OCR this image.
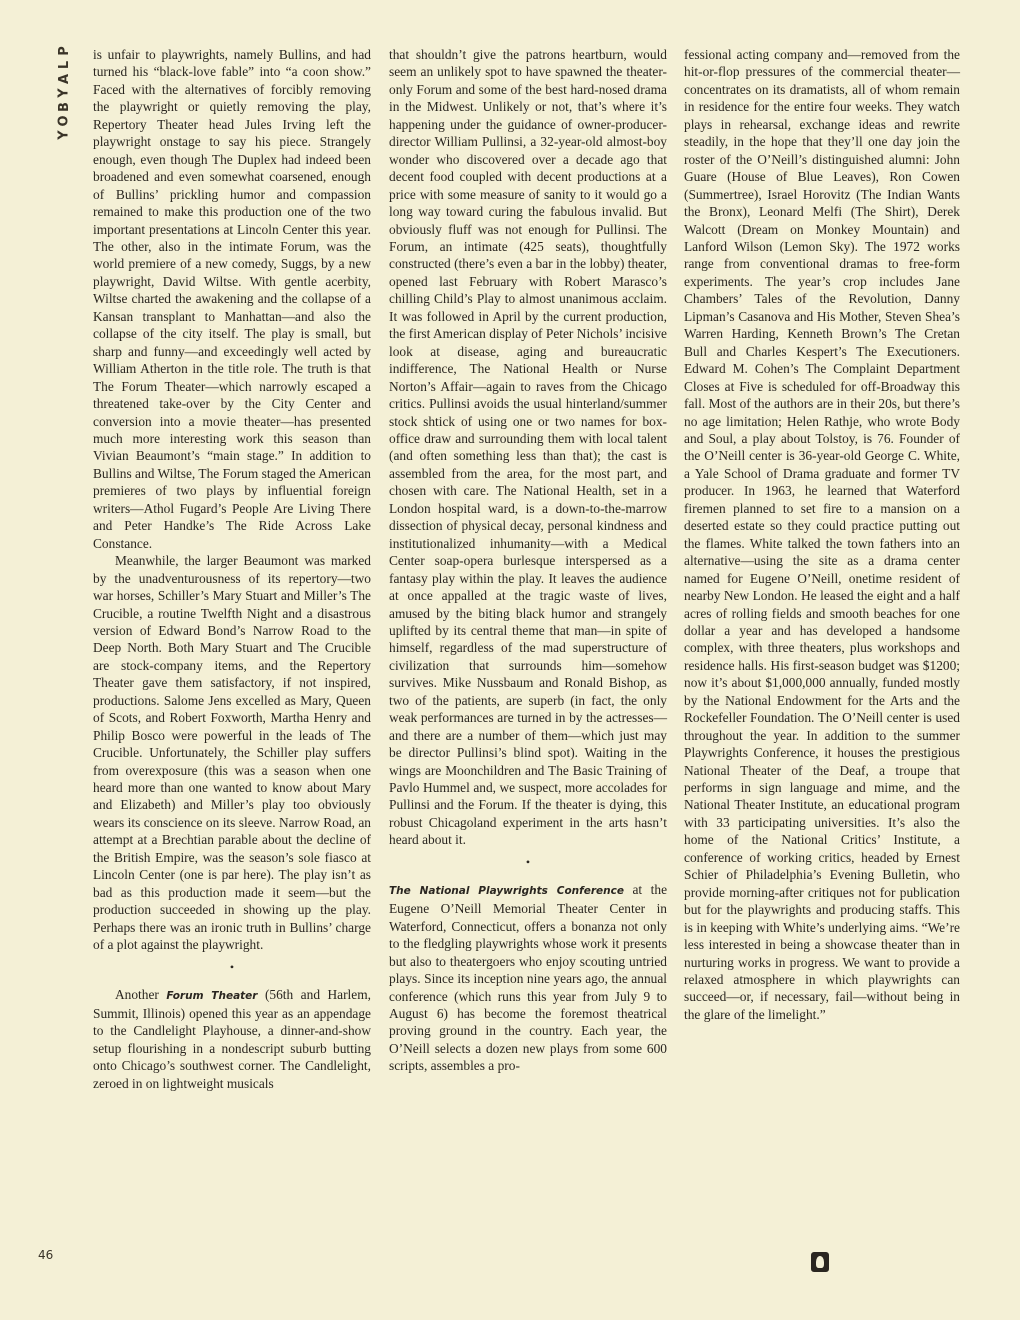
P
L
A
Y
B
O
Y

is unfair to playwrights, namely Bullins, and had turned his “black-love fable” into “a coon show.” Faced with the alternatives of forcibly removing the playwright or quietly removing the play, Repertory Theater head Jules Irving left the playwright onstage to say his piece. Strangely enough, even though The Duplex had indeed been broadened and even somewhat coarsened, enough of Bullins’ prickling humor and compassion remained to make this production one of the two important presentations at Lincoln Center this year. The other, also in the intimate Forum, was the world premiere of a new comedy, Suggs, by a new playwright, David Wiltse. With gentle acerbity, Wiltse charted the awakening and the collapse of a Kansan transplant to Manhattan—and also the collapse of the city itself. The play is small, but sharp and funny—and exceedingly well acted by William Atherton in the title role. The truth is that The Forum Theater—which narrowly escaped a threatened take-over by the City Center and conversion into a movie theater—has presented much more interesting work this season than Vivian Beaumont’s “main stage.” In addition to Bullins and Wiltse, The Forum staged the American premieres of two plays by influential foreign writers—Athol Fugard’s People Are Living There and Peter Handke’s The Ride Across Lake Constance.

Meanwhile, the larger Beaumont was marked by the unadventurousness of its repertory—two war horses, Schiller’s Mary Stuart and Miller’s The Crucible, a routine Twelfth Night and a disastrous version of Edward Bond’s Narrow Road to the Deep North. Both Mary Stuart and The Crucible are stock-company items, and the Repertory Theater gave them satisfactory, if not inspired, productions. Salome Jens excelled as Mary, Queen of Scots, and Robert Foxworth, Martha Henry and Philip Bosco were powerful in the leads of The Crucible. Unfortunately, the Schiller play suffers from overexposure (this was a season when one heard more than one wanted to know about Mary and Elizabeth) and Miller’s play too obviously wears its conscience on its sleeve. Narrow Road, an attempt at a Brechtian parable about the decline of the British Empire, was the season’s sole fiasco at Lincoln Center (one is par here). The play isn’t as bad as this production made it seem—but the production succeeded in showing up the play. Perhaps there was an ironic truth in Bullins’ charge of a plot against the playwright.

•

Another Forum Theater (56th and Harlem, Summit, Illinois) opened this year as an appendage to the Candlelight Playhouse, a dinner-and-show setup flourishing in a nondescript suburb butting onto Chicago’s southwest corner. The Candlelight, zeroed in on lightweight musicals

that shouldn’t give the patrons heartburn, would seem an unlikely spot to have spawned the theater-only Forum and some of the best hard-nosed drama in the Midwest. Unlikely or not, that’s where it’s happening under the guidance of owner-producer-director William Pullinsi, a 32-year-old almost-boy wonder who discovered over a decade ago that decent food coupled with decent productions at a price with some measure of sanity to it would go a long way toward curing the fabulous invalid. But obviously fluff was not enough for Pullinsi. The Forum, an intimate (425 seats), thoughtfully constructed (there’s even a bar in the lobby) theater, opened last February with Robert Marasco’s chilling Child’s Play to almost unanimous acclaim. It was followed in April by the current production, the first American display of Peter Nichols’ incisive look at disease, aging and bureaucratic indifference, The National Health or Nurse Norton’s Affair—again to raves from the Chicago critics. Pullinsi avoids the usual hinterland/summer stock shtick of using one or two names for box-office draw and surrounding them with local talent (and often something less than that); the cast is assembled from the area, for the most part, and chosen with care. The National Health, set in a London hospital ward, is a down-to-the-marrow dissection of physical decay, personal kindness and institutionalized inhumanity—with a Medical Center soap-opera burlesque interspersed as a fantasy play within the play. It leaves the audience at once appalled at the tragic waste of lives, amused by the biting black humor and strangely uplifted by its central theme that man—in spite of himself, regardless of the mad superstructure of civilization that surrounds him—somehow survives. Mike Nussbaum and Ronald Bishop, as two of the patients, are superb (in fact, the only weak performances are turned in by the actresses—and there are a number of them—which just may be director Pullinsi’s blind spot). Waiting in the wings are Moonchildren and The Basic Training of Pavlo Hummel and, we suspect, more accolades for Pullinsi and the Forum. If the theater is dying, this robust Chicagoland experiment in the arts hasn’t heard about it.

•

The National Playwrights Conference at the Eugene O’Neill Memorial Theater Center in Waterford, Connecticut, offers a bonanza not only to the fledgling playwrights whose work it presents but also to theatergoers who enjoy scouting untried plays. Since its inception nine years ago, the annual conference (which runs this year from July 9 to August 6) has become the foremost theatrical proving ground in the country. Each year, the O’Neill selects a dozen new plays from some 600 scripts, assembles a pro-

fessional acting company and—removed from the hit-or-flop pressures of the commercial theater—concentrates on its dramatists, all of whom remain in residence for the entire four weeks. They watch plays in rehearsal, exchange ideas and rewrite steadily, in the hope that they’ll one day join the roster of the O’Neill’s distinguished alumni: John Guare (House of Blue Leaves), Ron Cowen (Summertree), Israel Horovitz (The Indian Wants the Bronx), Leonard Melfi (The Shirt), Derek Walcott (Dream on Monkey Mountain) and Lanford Wilson (Lemon Sky). The 1972 works range from conventional dramas to free-form experiments. The year’s crop includes Jane Chambers’ Tales of the Revolution, Danny Lipman’s Casanova and His Mother, Steven Shea’s Warren Harding, Kenneth Brown’s The Cretan Bull and Charles Kespert’s The Executioners. Edward M. Cohen’s The Complaint Department Closes at Five is scheduled for off-Broadway this fall. Most of the authors are in their 20s, but there’s no age limitation; Helen Rathje, who wrote Body and Soul, a play about Tolstoy, is 76. Founder of the O’Neill center is 36-year-old George C. White, a Yale School of Drama graduate and former TV producer. In 1963, he learned that Waterford firemen planned to set fire to a mansion on a deserted estate so they could practice putting out the flames. White talked the town fathers into an alternative—using the site as a drama center named for Eugene O’Neill, onetime resident of nearby New London. He leased the eight and a half acres of rolling fields and smooth beaches for one dollar a year and has developed a handsome complex, with three theaters, plus workshops and residence halls. His first-season budget was $1200; now it’s about $1,000,000 annually, funded mostly by the National Endowment for the Arts and the Rockefeller Foundation. The O’Neill center is used throughout the year. In addition to the summer Playwrights Conference, it houses the prestigious National Theater of the Deaf, a troupe that performs in sign language and mime, and the National Theater Institute, an educational program with 33 participating universities. It’s also the home of the National Critics’ Institute, a conference of working critics, headed by Ernest Schier of Philadelphia’s Evening Bulletin, who provide morning-after critiques not for publication but for the playwrights and producing staffs. This is in keeping with White’s underlying aims. “We’re less interested in being a showcase theater than in nurturing works in progress. We want to provide a relaxed atmosphere in which playwrights can succeed—or, if necessary, fail—without being in the glare of the limelight.”

46
